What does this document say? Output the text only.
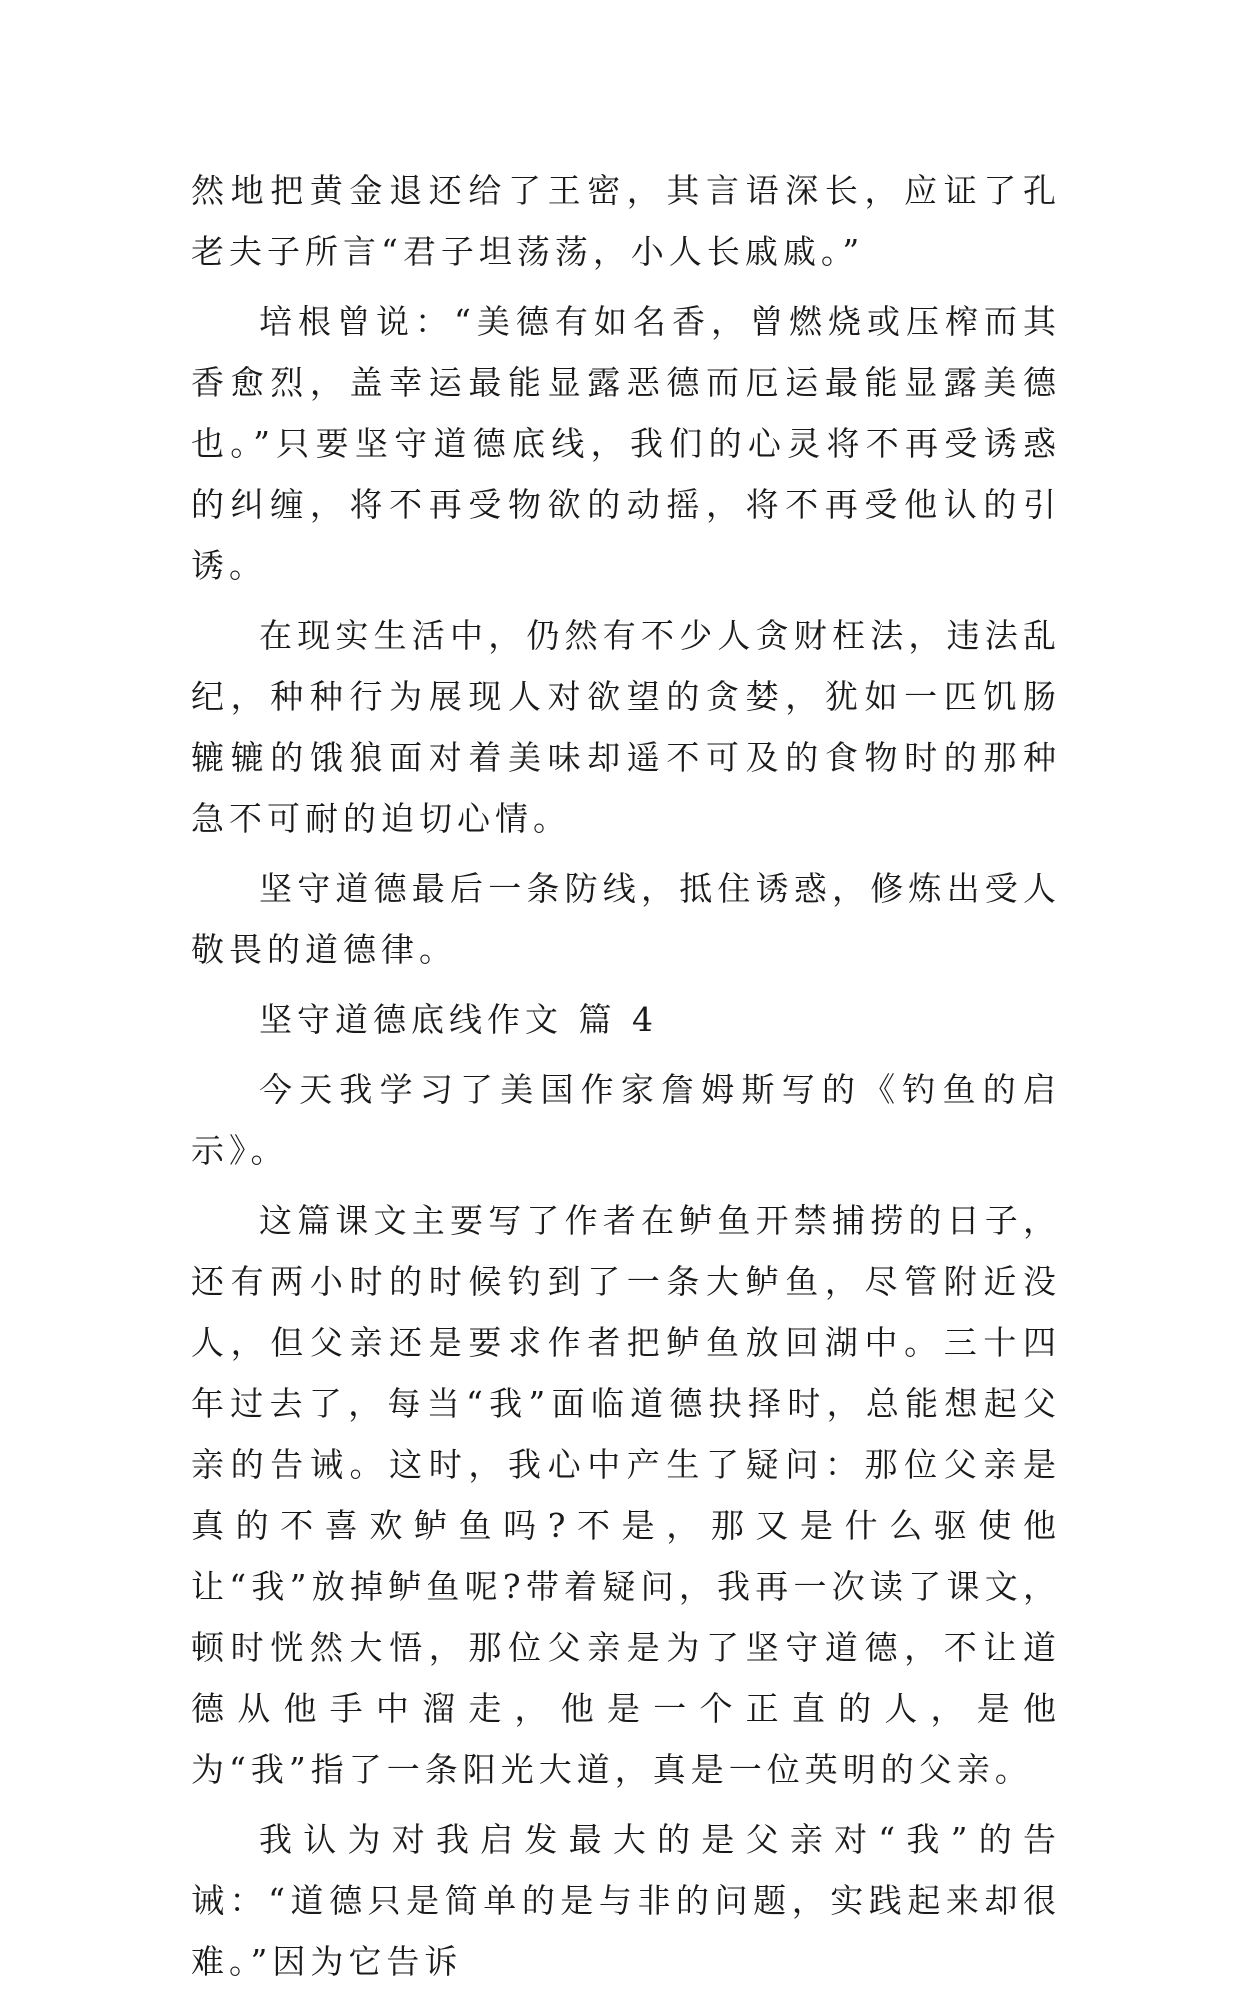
然地把黄金退还给了王密，其言语深长，应证了孔老夫子所言“君子坦荡荡，小人长戚戚。”

培根曾说：“美德有如名香，曾燃烧或压榨而其香愈烈，盖幸运最能显露恶德而厄运最能显露美德也。”只要坚守道德底线，我们的心灵将不再受诱惑的纠缠，将不再受物欲的动摇，将不再受他认的引诱。

在现实生活中，仍然有不少人贪财枉法，违法乱纪，种种行为展现人对欲望的贪婪，犹如一匹饥肠辘辘的饿狼面对着美味却遥不可及的食物时的那种急不可耐的迫切心情。

坚守道德最后一条防线，抵住诱惑，修炼出受人敬畏的道德律。

坚守道德底线作文 篇 4

今天我学习了美国作家詹姆斯写的《钓鱼的启示》。

这篇课文主要写了作者在鲈鱼开禁捕捞的日子，还有两小时的时候钓到了一条大鲈鱼，尽管附近没人，但父亲还是要求作者把鲈鱼放回湖中。三十四年过去了，每当“我”面临道德抉择时，总能想起父亲的告诫。这时，我心中产生了疑问：那位父亲是真的不喜欢鲈鱼吗?不是，那又是什么驱使他让“我”放掉鲈鱼呢?带着疑问，我再一次读了课文，顿时恍然大悟，那位父亲是为了坚守道德，不让道德从他手中溜走，他是一个正直的人，是他为“我”指了一条阳光大道，真是一位英明的父亲。

我认为对我启发最大的是父亲对“我”的告诫：“道德只是简单的是与非的问题，实践起来却很难。”因为它告诉
